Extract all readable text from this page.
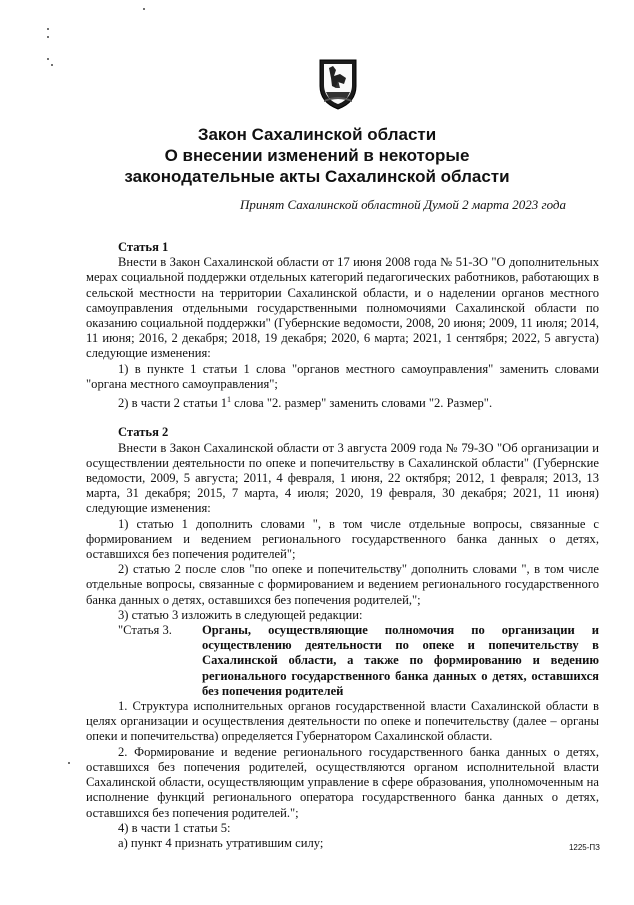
Закон Сахалинской области
О внесении изменений в некоторые
законодательные акты Сахалинской области
Принят Сахалинской областной Думой 2 марта 2023 года

Статья 1

Внести в Закон Сахалинской области от 17 июня 2008 года № 51-ЗО "О дополнительных мерах социальной поддержки отдельных категорий педагогических работников, работающих в сельской местности на территории Сахалинской области, и о наделении органов местного самоуправления отдельными государственными полномочиями Сахалинской области по оказанию социальной поддержки" (Губернские ведомости, 2008, 20 июня; 2009, 11 июля; 2014, 11 июня; 2016, 2 декабря; 2018, 19 декабря; 2020, 6 марта; 2021, 1 сентября; 2022, 5 августа) следующие изменения:

1) в пункте 1 статьи 1 слова "органов местного самоуправления" заменить словами "органа местного самоуправления";

2) в части 2 статьи $1^1$ слова "2. размер" заменить словами "2. Размер".

Статья 2

Внести в Закон Сахалинской области от 3 августа 2009 года № 79-ЗО "Об организации и осуществлении деятельности по опеке и попечительству в Сахалинской области" (Губернские ведомости, 2009, 5 августа; 2011, 4 февраля, 1 июня, 22 октября; 2012, 1 февраля; 2013, 13 марта, 31 декабря; 2015, 7 марта, 4 июля; 2020, 19 февраля, 30 декабря; 2021, 11 июня) следующие изменения:

1) статью 1 дополнить словами ", в том числе отдельные вопросы, связанные с формированием и ведением регионального государственного банка данных о детях, оставшихся без попечения родителей";

2) статью 2 после слов "по опеке и попечительству" дополнить словами ", в том числе отдельные вопросы, связанные с формированием и ведением регионального государственного банка данных о детях, оставшихся без попечения родителей,";

3) статью 3 изложить в следующей редакции:

"Статья 3.	Органы, осуществляющие полномочия по организации и осуществлению деятельности по опеке и попечительству в Сахалинской области, а также по формированию и ведению регионального государственного банка данных о детях, оставшихся без попечения родителей

1. Структура исполнительных органов государственной власти Сахалинской области в целях организации и осуществления деятельности по опеке и попечительству (далее – органы опеки и попечительства) определяется Губернатором Сахалинской области.

2. Формирование и ведение регионального государственного банка данных о детях, оставшихся без попечения родителей, осуществляются органом исполнительной власти Сахалинской области, осуществляющим управление в сфере образования, уполномоченным на исполнение функций регионального оператора государственного банка данных о детях, оставшихся без попечения родителей.";

4) в части 1 статьи 5:

а) пункт 4 признать утратившим силу;	1225-ПЗ
